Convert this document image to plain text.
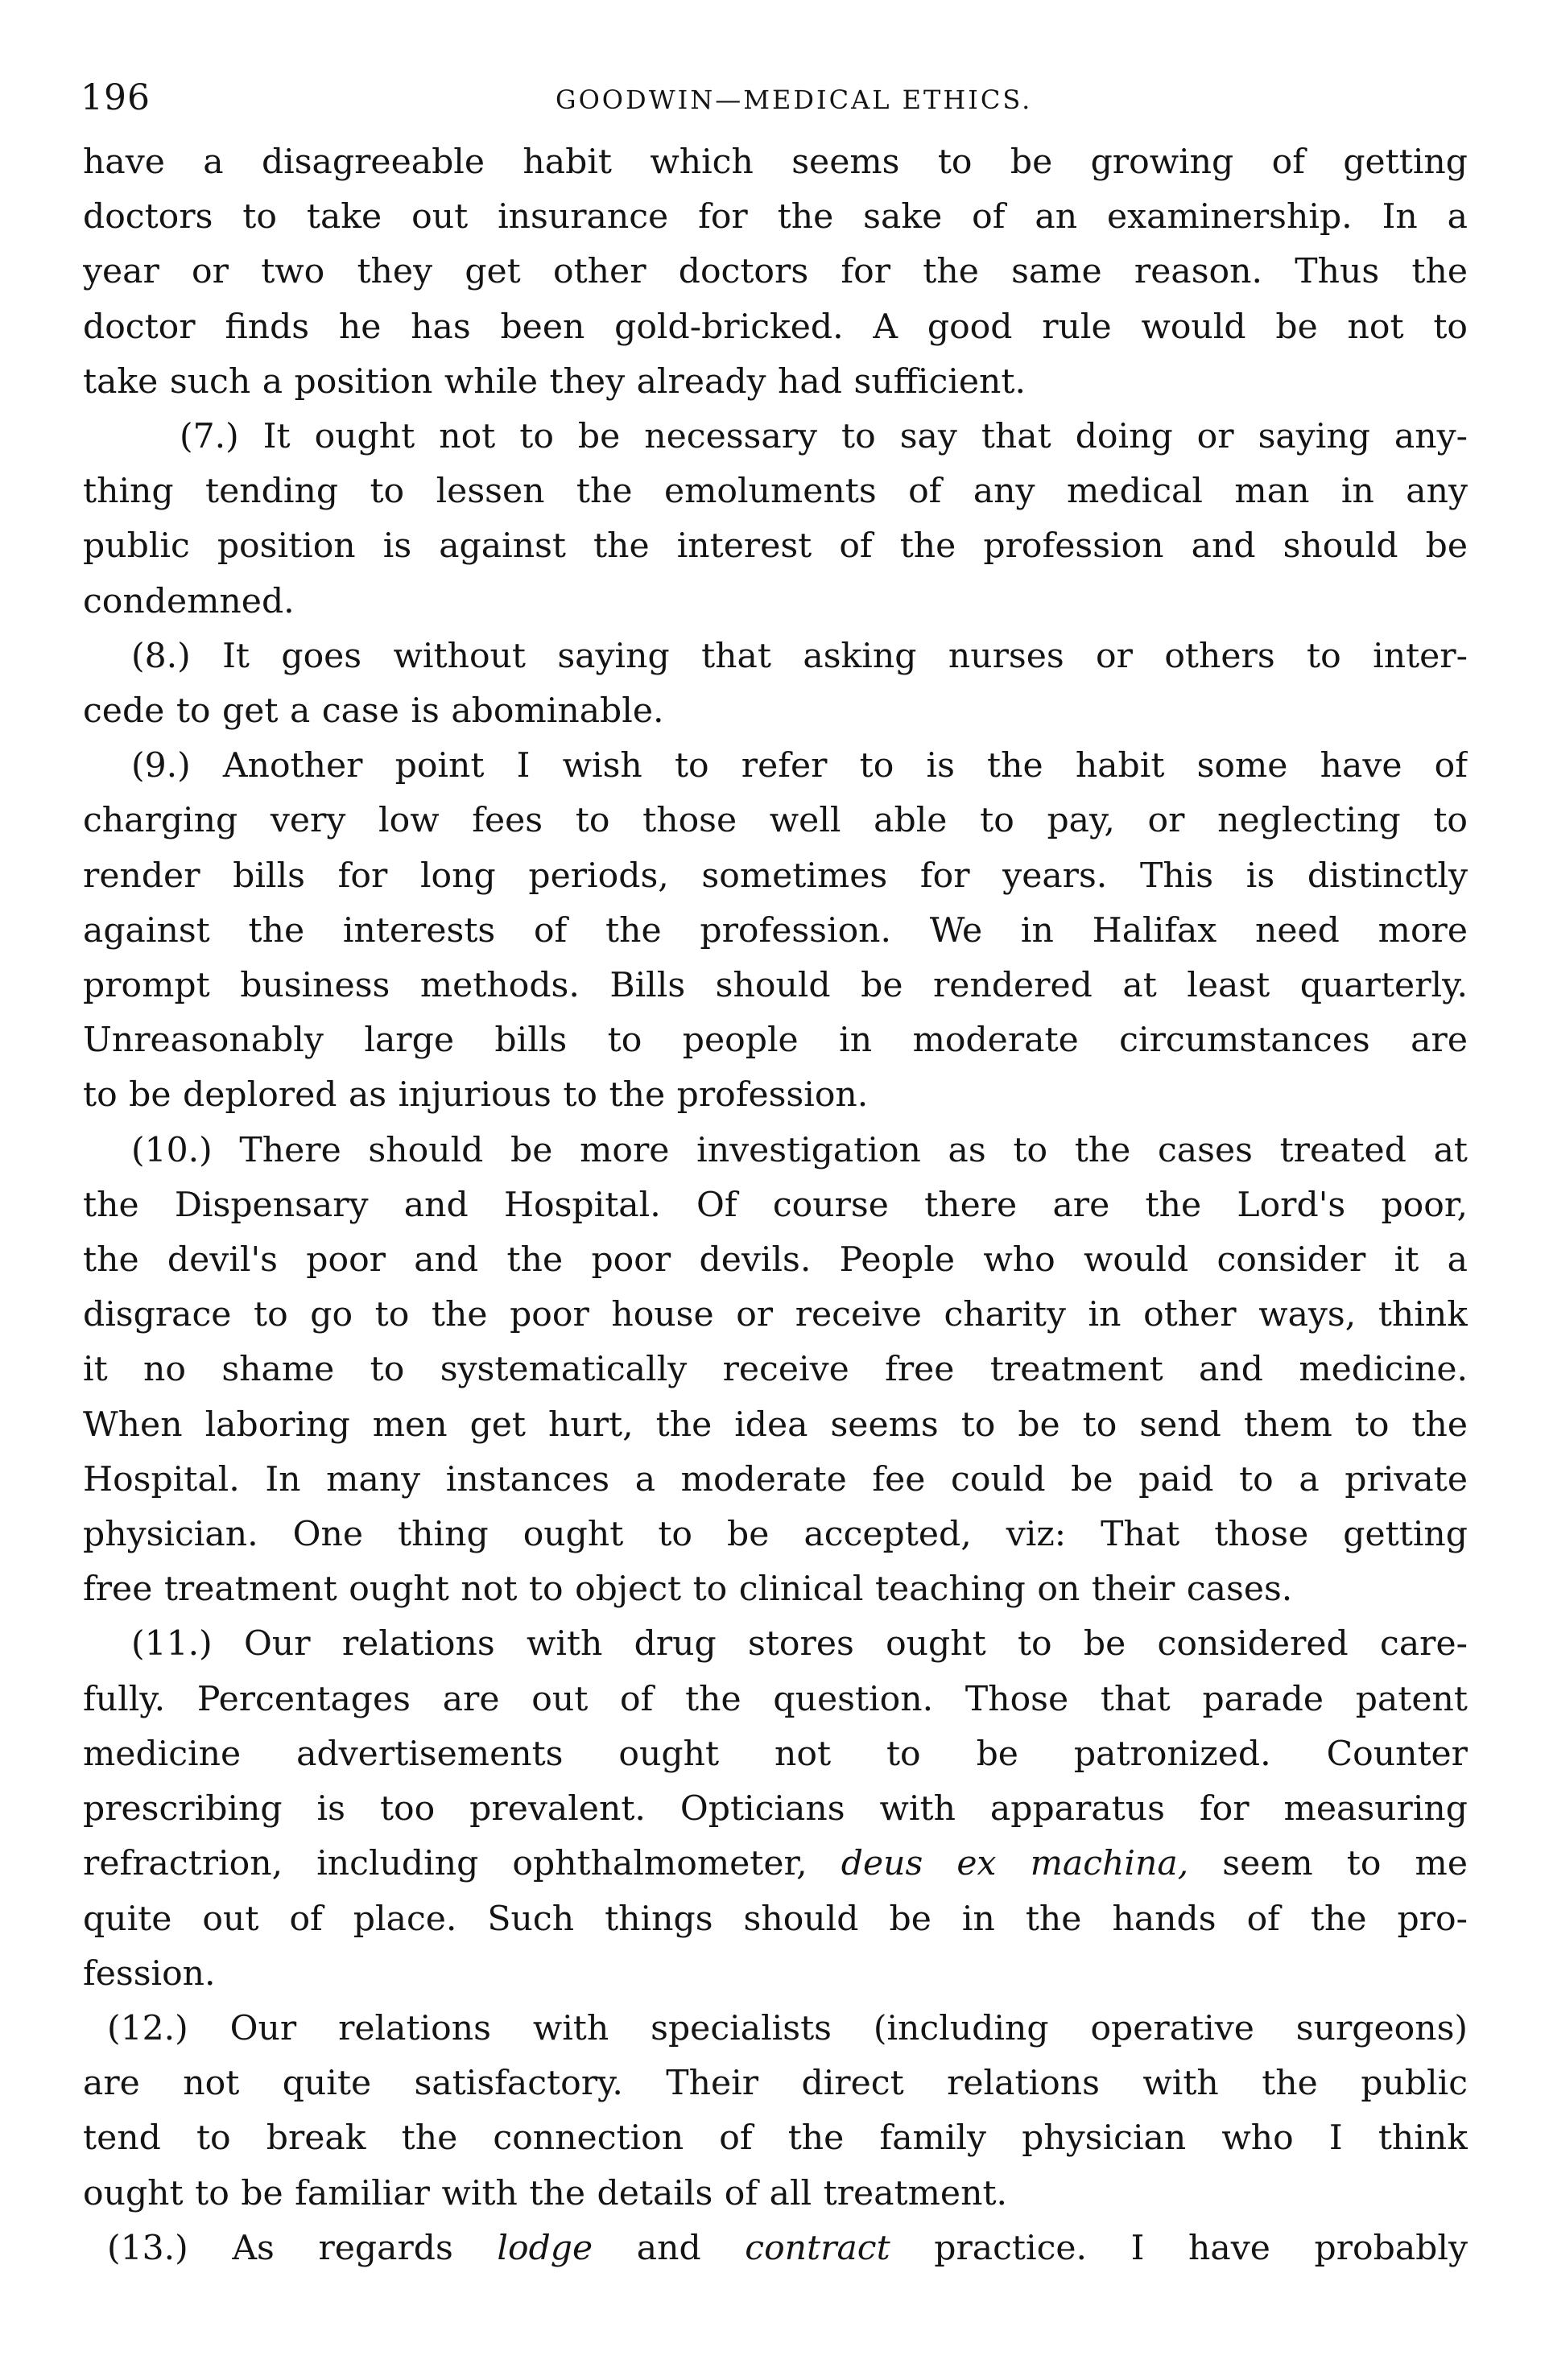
196	GOODWIN—MEDICAL ETHICS.

have a disagreeable habit which seems to be growing of getting
doctors to take out insurance for the sake of an examinership. In a
year or two they get other doctors for the same reason. Thus the
doctor finds he has been gold-bricked. A good rule would be not to
take such a position while they already had sufficient.

(7.) It ought not to be necessary to say that doing or saying any-
thing tending to lessen the emoluments of any medical man in any
public position is against the interest of the profession and should be
condemned.

(8.) It goes without saying that asking nurses or others to inter-
cede to get a case is abominable.

(9.) Another point I wish to refer to is the habit some have of
charging very low fees to those well able to pay, or neglecting to
render bills for long periods, sometimes for years. This is distinctly
against the interests of the profession. We in Halifax need more
prompt business methods. Bills should be rendered at least quarterly.
Unreasonably large bills to people in moderate circumstances are
to be deplored as injurious to the profession.

(10.) There should be more investigation as to the cases treated at
the Dispensary and Hospital. Of course there are the Lord's poor,
the devil's poor and the poor devils. People who would consider it a
disgrace to go to the poor house or receive charity in other ways, think
it no shame to systematically receive free treatment and medicine.
When laboring men get hurt, the idea seems to be to send them to the
Hospital. In many instances a moderate fee could be paid to a private
physician. One thing ought to be accepted, viz: That those getting
free treatment ought not to object to clinical teaching on their cases.

(11.) Our relations with drug stores ought to be considered care-
fully. Percentages are out of the question. Those that parade patent
medicine advertisements ought not to be patronized. Counter
prescribing is too prevalent. Opticians with apparatus for measuring
refractrion, including ophthalmometer, deus ex machina, seem to me
quite out of place. Such things should be in the hands of the pro-
fession.

(12.) Our relations with specialists (including operative surgeons)
are not quite satisfactory. Their direct relations with the public
tend to break the connection of the family physician who I think
ought to be familiar with the details of all treatment.

(13.) As regards lodge and contract practice. I have probably
